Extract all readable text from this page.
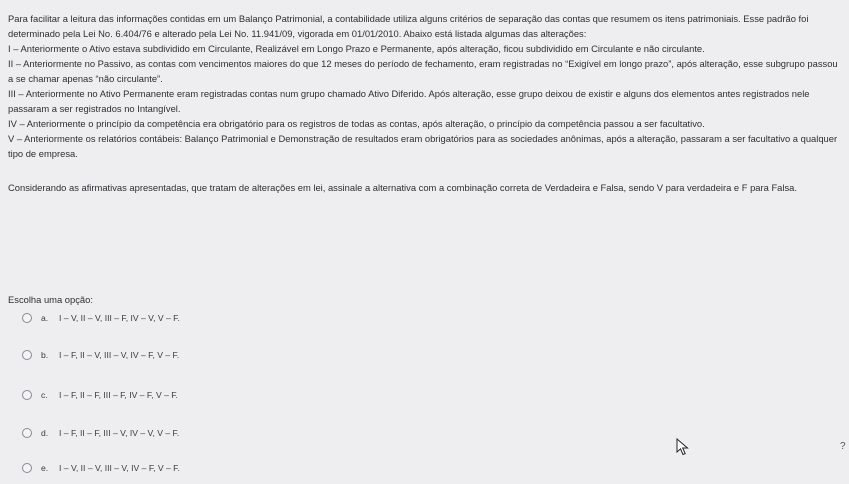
Para facilitar a leitura das informações contidas em um Balanço Patrimonial, a contabilidade utiliza alguns critérios de separação das contas que resumem os itens patrimoniais. Esse padrão foi determinado pela Lei No. 6.404/76 e alterado pela Lei No. 11.941/09, vigorada em 01/01/2010. Abaixo está listada algumas das alterações:

I – Anteriormente o Ativo estava subdividido em Circulante, Realizável em Longo Prazo e Permanente, após alteração, ficou subdividido em Circulante e não circulante.

II – Anteriormente no Passivo, as contas com vencimentos maiores do que 12 meses do período de fechamento, eram registradas no “Exigível em longo prazo”, após alteração, esse subgrupo passou a se chamar apenas “não circulante”.

III – Anteriormente no Ativo Permanente eram registradas contas num grupo chamado Ativo Diferido. Após alteração, esse grupo deixou de existir e alguns dos elementos antes registrados nele passaram a ser registrados no Intangível.

IV – Anteriormente o princípio da competência era obrigatório para os registros de todas as contas, após alteração, o princípio da competência passou a ser facultativo.

V – Anteriormente os relatórios contábeis: Balanço Patrimonial e Demonstração de resultados eram obrigatórios para as sociedades anônimas, após a alteração, passaram a ser facultativo a qualquer tipo de empresa.

Considerando as afirmativas apresentadas, que tratam de alterações em lei, assinale a alternativa com a combinação correta de Verdadeira e Falsa, sendo V para verdadeira e F para Falsa.

Escolha uma opção:
a.	I – V, II – V, III – F, IV – V, V – F.
b.	I – F, II – V, III – V, IV – F, V – F.
c.	I – F, II – F, III – F, IV – F, V – F.
d.	I – F, II – F, III – V, IV – V, V – F.
e.	I – V, II – V, III – V, IV – F, V – F.
?
